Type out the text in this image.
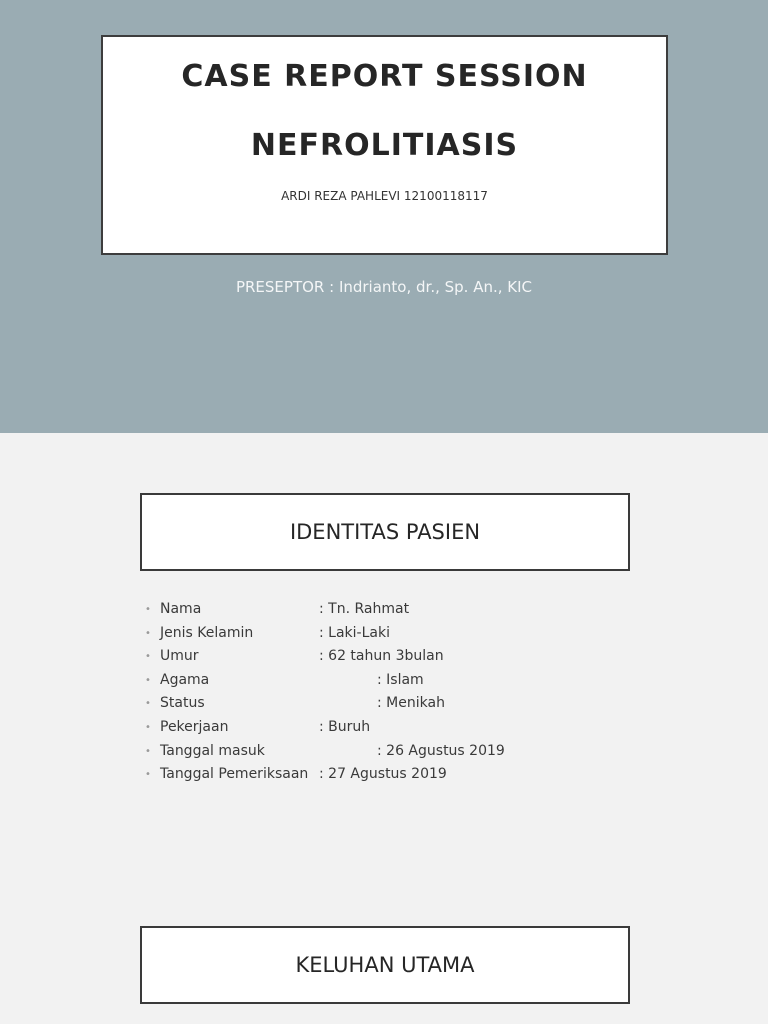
CASE REPORT SESSION
NEFROLITIASIS
ARDI REZA PAHLEVI 12100118117
PRESEPTOR : Indrianto, dr., Sp. An., KIC
IDENTITAS PASIEN
• Nama	: Tn. Rahmat
• Jenis Kelamin	: Laki-Laki
• Umur	: 62 tahun 3bulan
• Agama	: Islam
• Status	: Menikah
• Pekerjaan	: Buruh
• Tanggal masuk	: 26 Agustus 2019
• Tanggal Pemeriksaan : 27 Agustus 2019
KELUHAN UTAMA
